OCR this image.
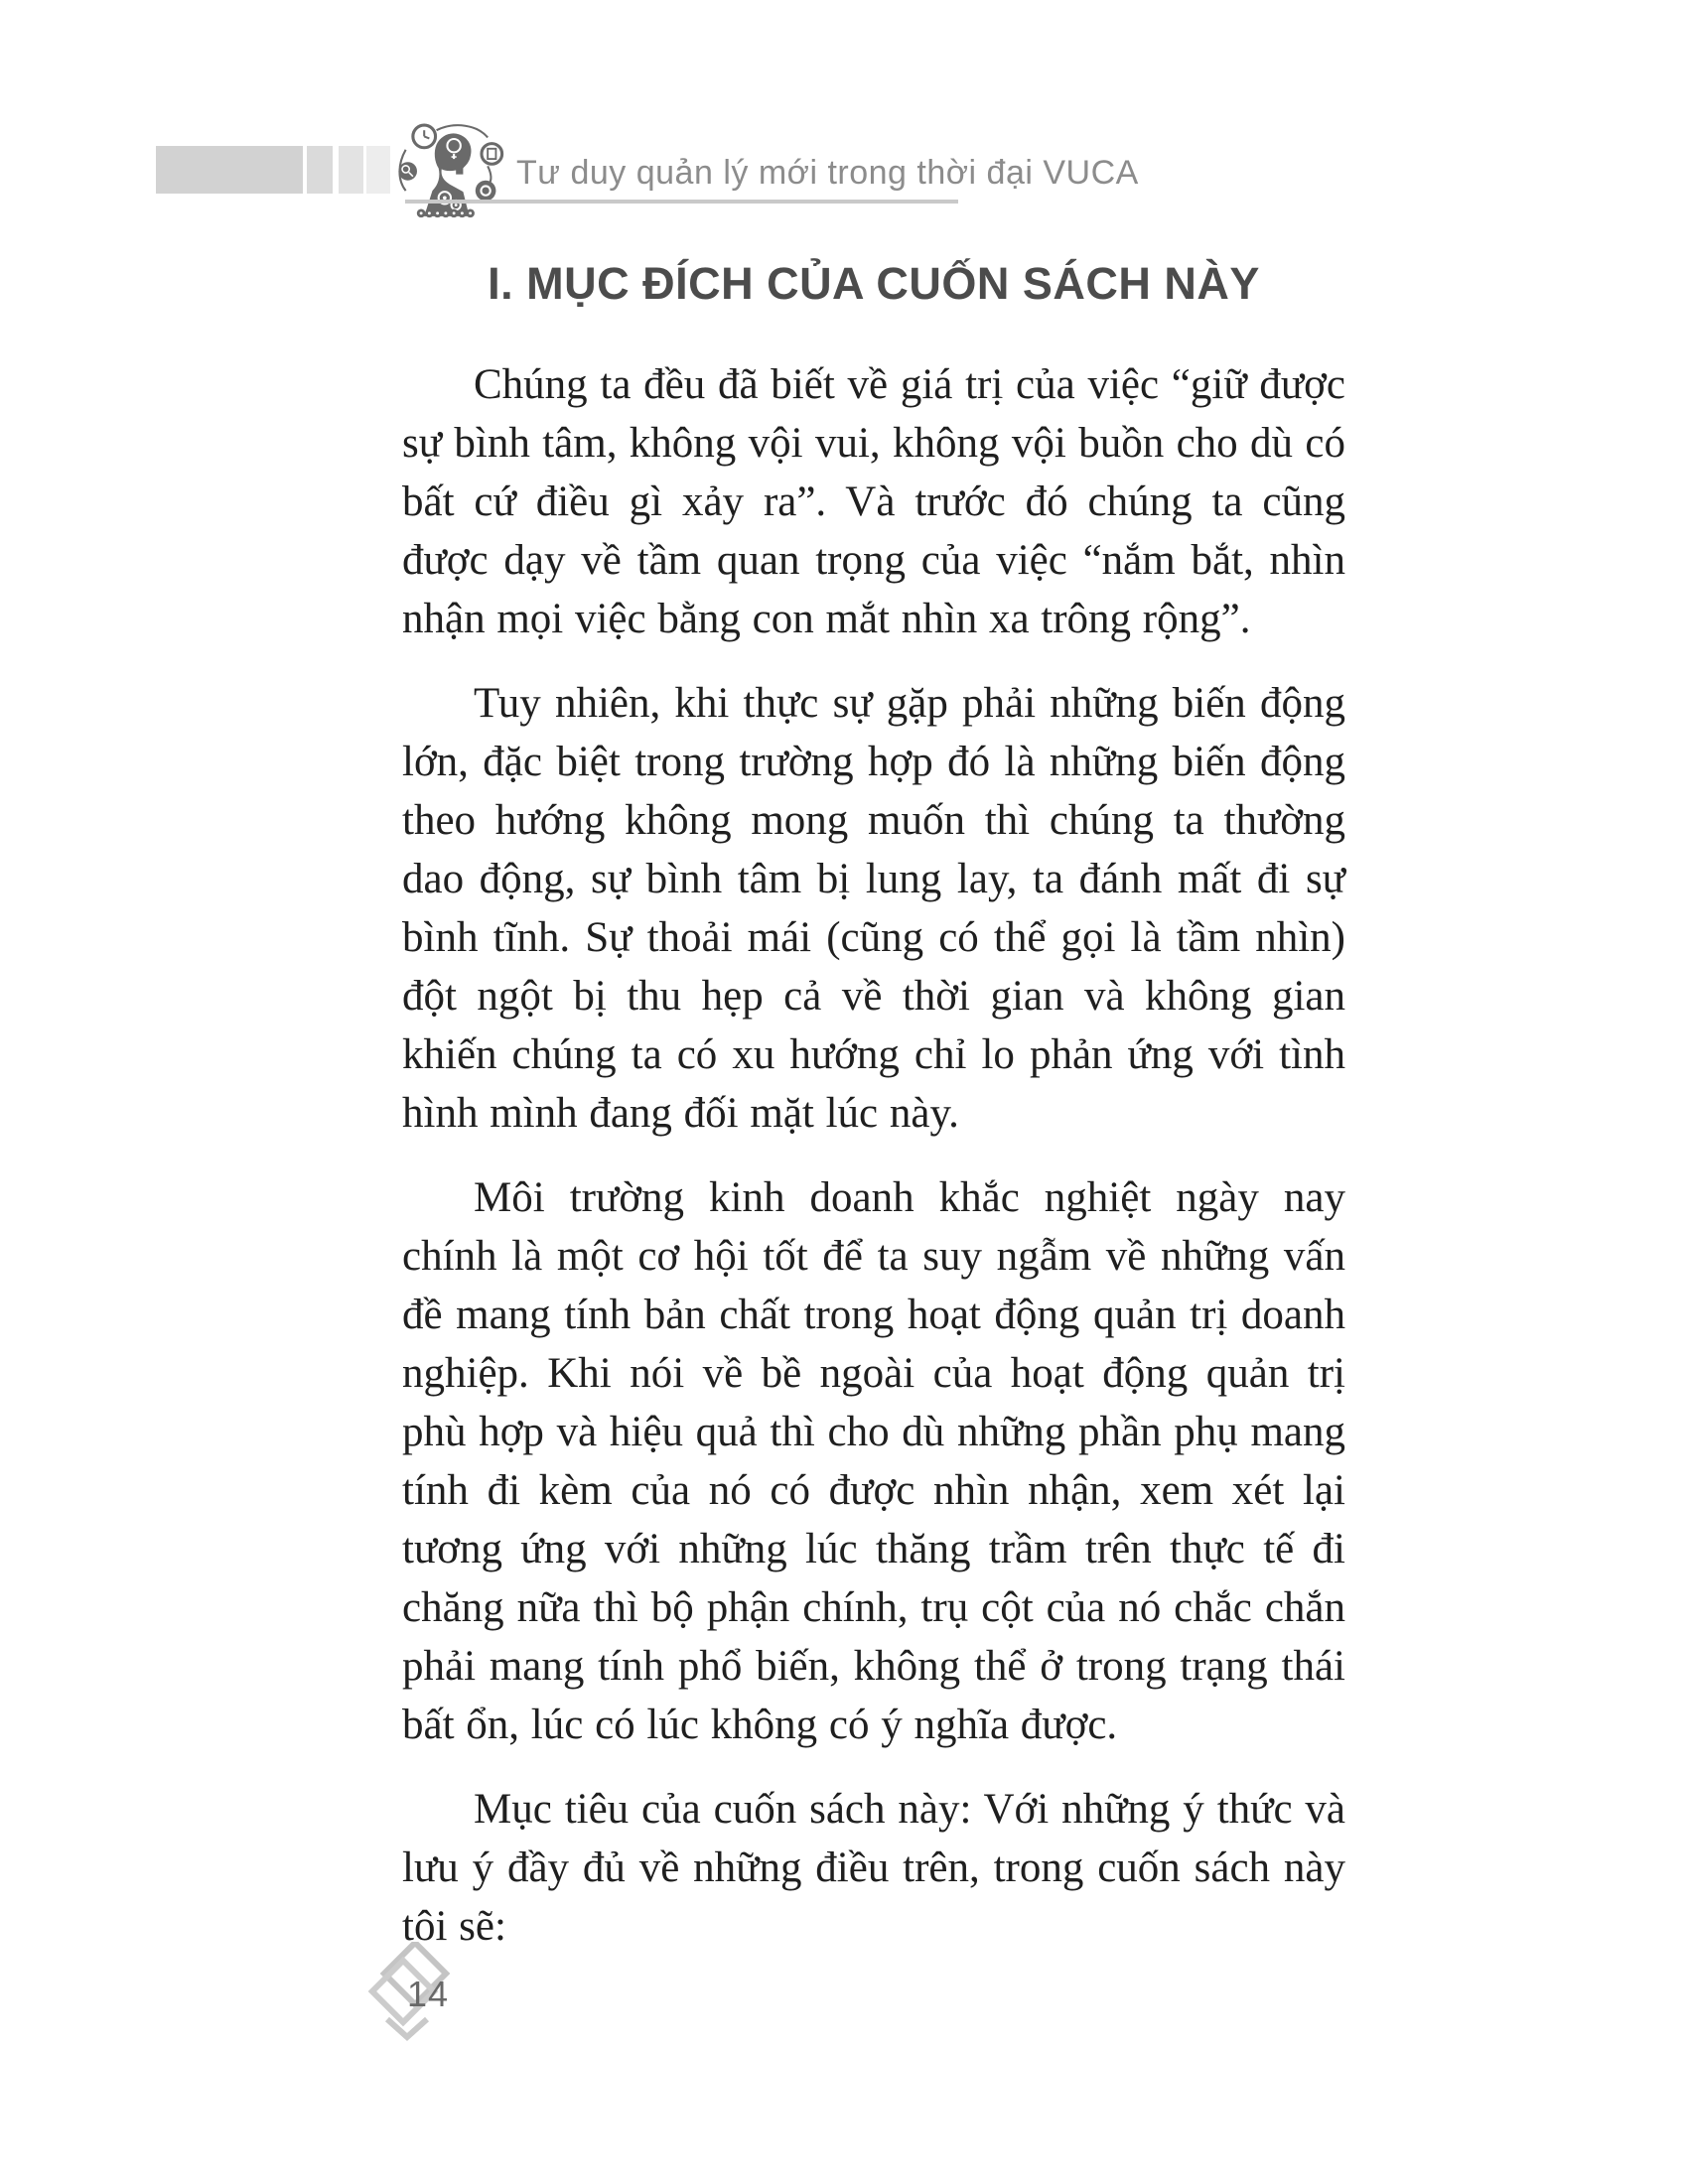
Tư duy quản lý mới trong thời đại VUCA
I. MỤC ĐÍCH CỦA CUỐN SÁCH NÀY

Chúng ta đều đã biết về giá trị của việc “giữ được sự bình tâm, không vội vui, không vội buồn cho dù có bất cứ điều gì xảy ra”. Và trước đó chúng ta cũng được dạy về tầm quan trọng của việc “nắm bắt, nhìn nhận mọi việc bằng con mắt nhìn xa trông rộng”.

Tuy nhiên, khi thực sự gặp phải những biến động lớn, đặc biệt trong trường hợp đó là những biến động theo hướng không mong muốn thì chúng ta thường dao động, sự bình tâm bị lung lay, ta đánh mất đi sự bình tĩnh. Sự thoải mái (cũng có thể gọi là tầm nhìn) đột ngột bị thu hẹp cả về thời gian và không gian khiến chúng ta có xu hướng chỉ lo phản ứng với tình hình mình đang đối mặt lúc này.

Môi trường kinh doanh khắc nghiệt ngày nay chính là một cơ hội tốt để ta suy ngẫm về những vấn đề mang tính bản chất trong hoạt động quản trị doanh nghiệp. Khi nói về bề ngoài của hoạt động quản trị phù hợp và hiệu quả thì cho dù những phần phụ mang tính đi kèm của nó có được nhìn nhận, xem xét lại tương ứng với những lúc thăng trầm trên thực tế đi chăng nữa thì bộ phận chính, trụ cột của nó chắc chắn phải mang tính phổ biến, không thể ở trong trạng thái bất ổn, lúc có lúc không có ý nghĩa được.

Mục tiêu của cuốn sách này: Với những ý thức và lưu ý đầy đủ về những điều trên, trong cuốn sách này tôi sẽ:

14
